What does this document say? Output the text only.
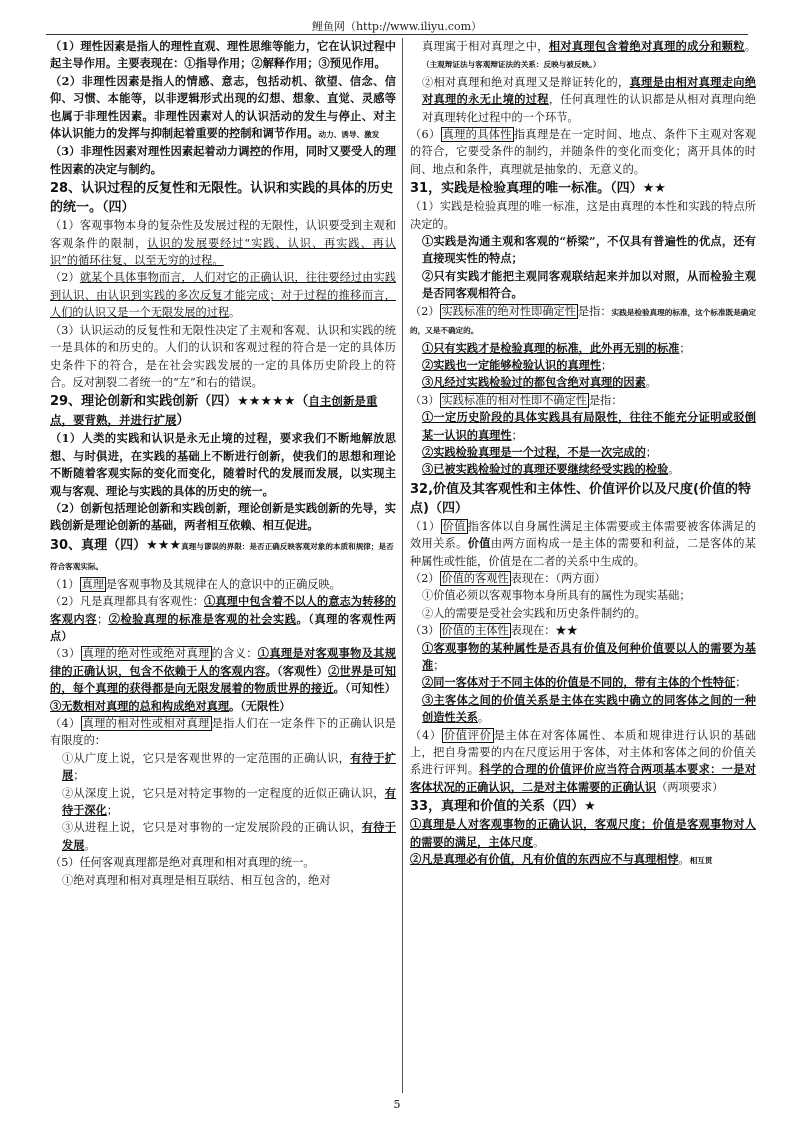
鲤鱼网（http://www.iliyu.com）

（1）理性因素是指人的理性直观、理性思维等能力，它在认识过程中起主导作用。主要表现在：①指导作用；②解释作用；③预见作用。

（2）非理性因素是指人的情感、意志，包括动机、欲望、信念、信仰、习惯、本能等，以非逻辑形式出现的幻想、想象、直觉、灵感等也属于非理性因素。非理性因素对人的认识活动的发生与停止、对主体认识能力的发挥与抑制起着重要的控制和调节作用。动力、诱导、激发

（3）非理性因素对理性因素起着动力调控的作用，同时又要受人的理性因素的决定与制约。

28、认识过程的反复性和无限性。认识和实践的具体的历史的统一。（四）

（1）客观事物本身的复杂性及发展过程的无限性，认识要受到主观和客观条件的限制，认识的发展要经过“实践、认识、再实践、再认识”的循环往复、以至无穷的过程。

（2）就某个具体事物而言，人们对它的正确认识，往往要经过由实践到认识、由认识到实践的多次反复才能完成；对于过程的推移而言，人们的认识又是一个无限发展的过程。

（3）认识运动的反复性和无限性决定了主观和客观、认识和实践的统一是具体的和历史的。人们的认识和客观过程的符合是一定的具体历史条件下的符合，是在社会实践发展的一定的具体历史阶段上的符合。反对割裂二者统一的“左”和右的错误。

29、理论创新和实践创新（四）★★★★★（自主创新是重点，要背熟，并进行扩展）

（1）人类的实践和认识是永无止境的过程，要求我们不断地解放思想、与时俱进，在实践的基础上不断进行创新，使我们的思想和理论不断随着客观实际的变化而变化，随着时代的发展而发展，以实现主观与客观、理论与实践的具体的历史的统一。

（2）创新包括理论创新和实践创新，理论创新是实践创新的先导，实践创新是理论创新的基础，两者相互依赖、相互促进。

30、真理（四）★★★真理与谬误的界限：是否正确反映客观对象的本质和规律；是否符合客观实际。

（1） 真理 是客观事物及其规律在人的意识中的正确反映。

（2）凡是真理都具有客观性：①真理中包含着不以人的意志为转移的客观内容；②检验真理的标准是客观的社会实践。（真理的客观性两点）

（3） 真理的绝对性或绝对真理 的含义：①真理是对客观事物及其规律的正确认识，包含不依赖于人的客观内容。（客观性）②世界是可知的，每个真理的获得都是向无限发展着的物质世界的接近。（可知性）③无数相对真理的总和构成绝对真理。（无限性）

（4） 真理的相对性或相对真理 是指人们在一定条件下的正确认识是有限度的：

①从广度上说，它只是客观世界的一定范围的正确认识，有待于扩展；

②从深度上说，它只是对特定事物的一定程度的近似正确认识，有待于深化；

③从进程上说，它只是对事物的一定发展阶段的正确认识，有待于发展。

（5）任何客观真理都是绝对真理和相对真理的统一。

①绝对真理和相对真理是相互联结、相互包含的，绝对

真理寓于相对真理之中，相对真理包含着绝对真理的成分和颗粒。（主观辩证法与客观辩证法的关系：反映与被反映。）

②相对真理和绝对真理又是辩证转化的，真理是由相对真理走向绝对真理的永无止境的过程，任何真理性的认识都是从相对真理向绝对真理转化过程中的一个环节。

（6） 真理的具体性 指真理是在一定时间、地点、条件下主观对客观的符合，它要受条件的制约，并随条件的变化而变化；离开具体的时间、地点和条件，真理就是抽象的、无意义的。

31，实践是检验真理的唯一标准。（四）★★

（1）实践是检验真理的唯一标准，这是由真理的本性和实践的特点所决定的。

①实践是沟通主观和客观的“桥梁”，不仅具有普遍性的优点，还有直接现实性的特点；

②只有实践才能把主观同客观联结起来并加以对照，从而检验主观是否同客观相符合。

（2） 实践标准的绝对性即确定性 是指：实践是检验真理的标准，这个标准既是确定的，又是不确定的。

①只有实践才是检验真理的标准，此外再无别的标准；

②实践也一定能够检验认识的真理性；

③凡经过实践检验过的都包含绝对真理的因素。

（3） 实践标准的相对性即不确定性 是指：

①一定历史阶段的具体实践具有局限性，往往不能充分证明或驳倒某一认识的真理性；

②实践检验真理是一个过程，不是一次完成的；

③已被实践检验过的真理还要继续经受实践的检验。

32,价值及其客观性和主体性、价值评价以及尺度(价值的特点)（四）

（1） 价值 指客体以自身属性满足主体需要或主体需要被客体满足的效用关系。价值由两方面构成一是主体的需要和利益，二是客体的某种属性或性能，价值是在二者的关系中生成的。

（2） 价值的客观性 表现在：（两方面）

①价值必须以客观事物本身所具有的属性为现实基础；

②人的需要是受社会实践和历史条件制约的。

（3） 价值的主体性 表现在：★★

①客观事物的某种属性是否具有价值及何种价值要以人的需要为基准；

②同一客体对于不同主体的价值是不同的，带有主体的个性特征；

③主客体之间的价值关系是主体在实践中确立的同客体之间的一种创造性关系。

（4） 价值评价 是主体在对客体属性、本质和规律进行认识的基础上，把自身需要的内在尺度运用于客体，对主体和客体之间的价值关系进行评判。科学的合理的价值评价应当符合两项基本要求：一是对客体状况的正确认识，二是对主体需要的正确认识（两项要求）

33，真理和价值的关系（四）★

①真理是人对客观事物的正确认识，客观尺度；价值是客观事物对人的需要的满足，主体尺度。

②凡是真理必有价值，凡有价值的东西应不与真理相悖。相互贯

5
